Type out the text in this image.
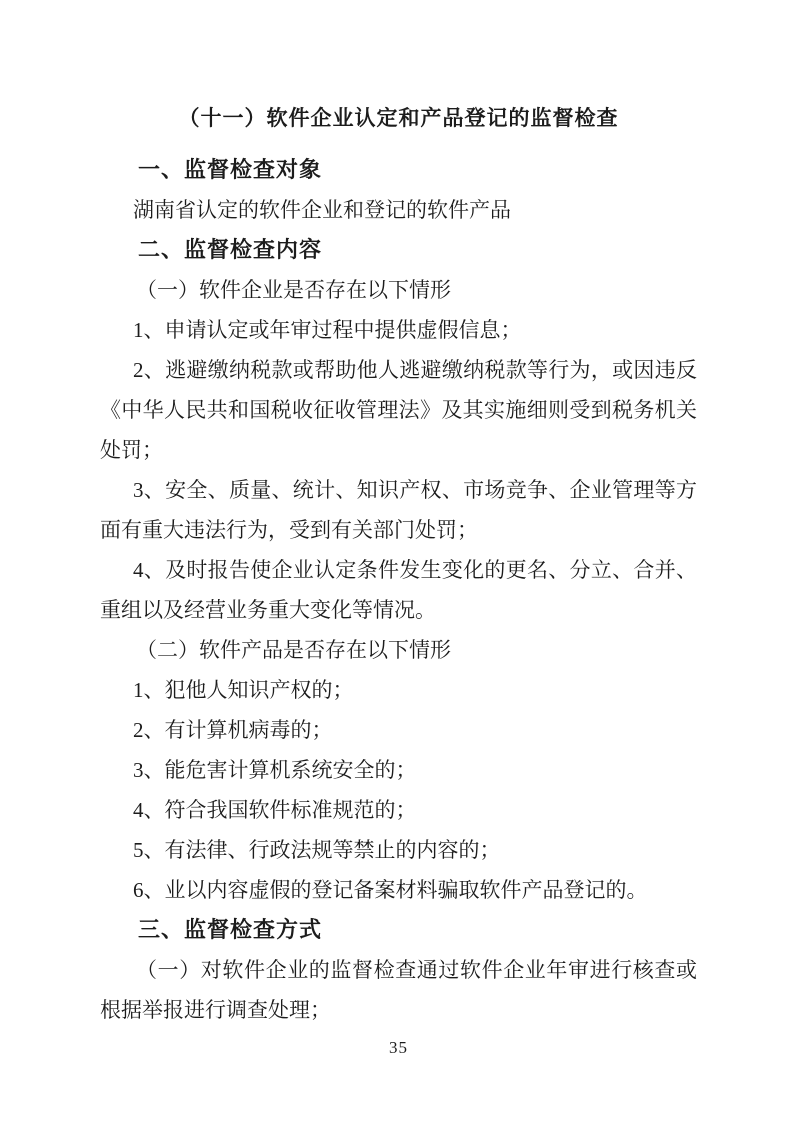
（十一）软件企业认定和产品登记的监督检查
一、监督检查对象
湖南省认定的软件企业和登记的软件产品
二、监督检查内容
（一）软件企业是否存在以下情形
1、申请认定或年审过程中提供虚假信息；
2、逃避缴纳税款或帮助他人逃避缴纳税款等行为，或因违反
《中华人民共和国税收征收管理法》及其实施细则受到税务机关
处罚；
3、安全、质量、统计、知识产权、市场竞争、企业管理等方
面有重大违法行为，受到有关部门处罚；
4、及时报告使企业认定条件发生变化的更名、分立、合并、
重组以及经营业务重大变化等情况。
（二）软件产品是否存在以下情形
1、犯他人知识产权的；
2、有计算机病毒的；
3、能危害计算机系统安全的；
4、符合我国软件标准规范的；
5、有法律、行政法规等禁止的内容的；
6、业以内容虚假的登记备案材料骗取软件产品登记的。
三、监督检查方式
（一）对软件企业的监督检查通过软件企业年审进行核查或
根据举报进行调查处理；
35
